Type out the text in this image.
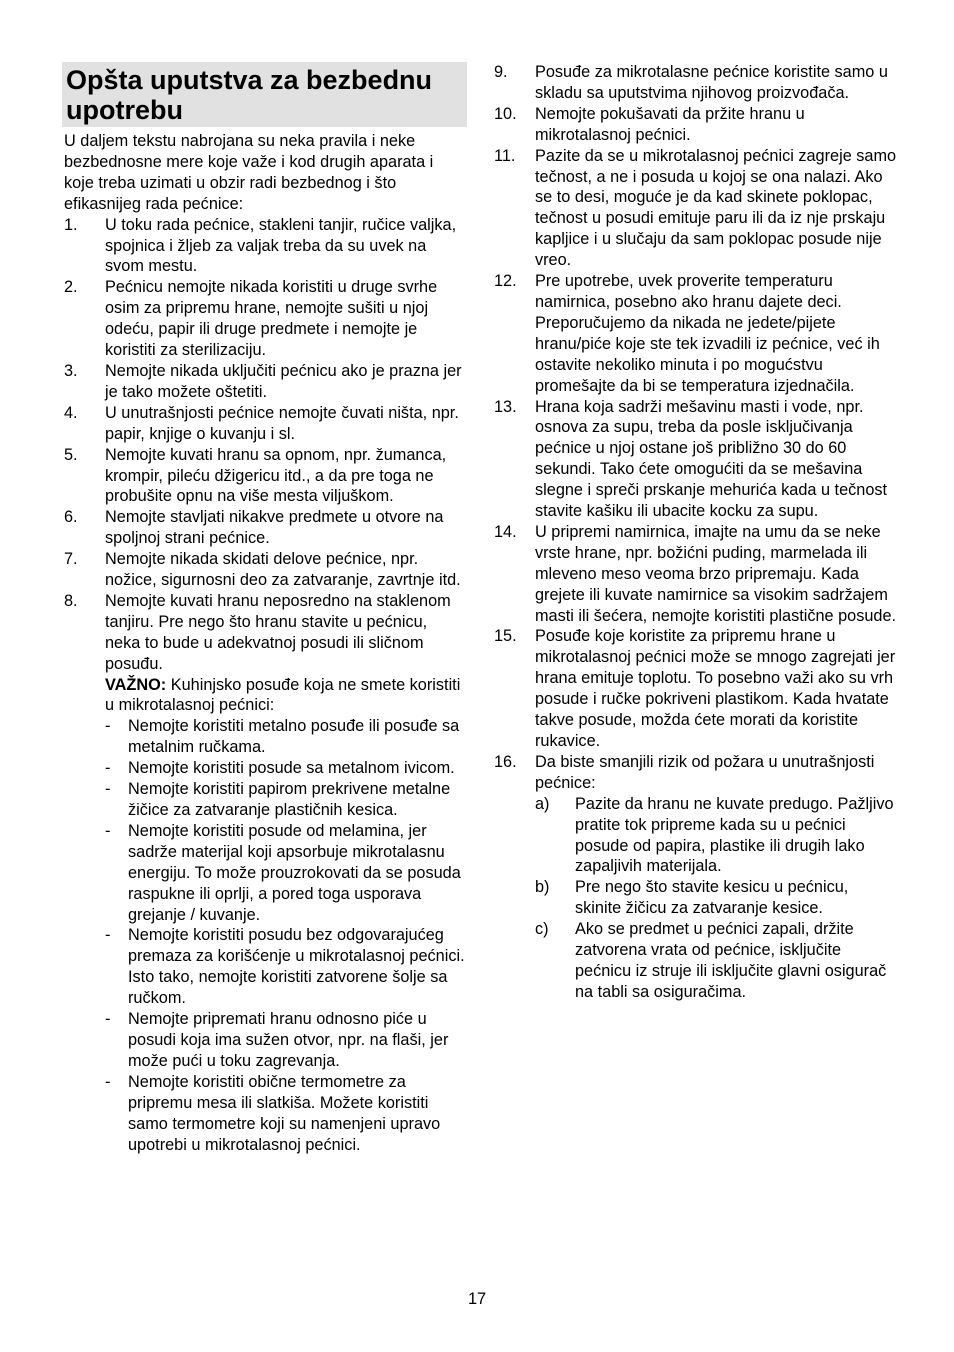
Opšta uputstva za bezbednu upotrebu
U daljem tekstu nabrojana su neka pravila i neke bezbednosne mere koje važe i kod drugih aparata i koje treba uzimati u obzir radi bezbednog i što efikasnijeg rada pećnice:
1.	U toku rada pećnice, stakleni tanjir, ručice valjka, spojnica i žljeb za valjak treba da su uvek na svom mestu.
2.	Pećnicu nemojte nikada koristiti u druge svrhe osim za pripremu hrane, nemojte sušiti u njoj odeću, papir ili druge predmete i nemojte je koristiti za sterilizaciju.
3.	Nemojte nikada uključiti pećnicu ako je prazna jer je tako možete oštetiti.
4.	U unutrašnjosti pećnice nemojte čuvati ništa, npr. papir, knjige o kuvanju i sl.
5.	Nemojte kuvati hranu sa opnom, npr. žumanca, krompir, pileću džigericu itd., a da pre toga ne probušite opnu na više mesta viljuškom.
6.	Nemojte stavljati nikakve predmete u otvore na spoljnoj strani pećnice.
7.	Nemojte nikada skidati delove pećnice, npr. nožice, sigurnosni deo za zatvaranje, zavrtnje itd.
8.	Nemojte kuvati hranu neposredno na staklenom tanjiru. Pre nego što hranu stavite u pećnicu, neka to bude u adekvatnoj posudi ili sličnom posuđu.
VAŽNO: Kuhinjsko posuđe koja ne smete koristiti u mikrotalasnoj pećnici:
-	Nemojte koristiti metalno posuđe ili posuđe sa metalnim ručkama.
-	Nemojte koristiti posude sa metalnom ivicom.
-	Nemojte koristiti papirom prekrivene metalne žičice za zatvaranje plastičnih kesica.
-	Nemojte koristiti posude od melamina, jer sadrže materijal koji apsorbuje mikrotalasnu energiju. To može prouzrokovati da se posuda raspukne ili oprlji, a pored toga usporava grejanje / kuvanje.
-	Nemojte koristiti posudu bez odgovarajućeg premaza za korišćenje u mikrotalasnoj pećnici. Isto tako, nemojte koristiti zatvorene šolje sa ručkom.
-	Nemojte pripremati hranu odnosno piće u posudi koja ima sužen otvor, npr. na flaši, jer može pući u toku zagrevanja.
-	Nemojte koristiti obične termometre za pripremu mesa ili slatkiša. Možete koristiti samo termometre koji su namenjeni upravo upotrebi u mikrotalasnoj pećnici.
9.	Posuđe za mikrotalasne pećnice koristite samo u skladu sa uputstvima njihovog proizvođača.
10.	Nemojte pokušavati da pržite hranu u mikrotalasnoj pećnici.
11.	Pazite da se u mikrotalasnoj pećnici zagreje samo tečnost, a ne i posuda u kojoj se ona nalazi. Ako se to desi, moguće je da kad skinete poklopac, tečnost u posudi emituje paru ili da iz nje prskaju kapljice i u slučaju da sam poklopac posude nije vreo.
12.	Pre upotrebe, uvek proverite temperaturu namirnica, posebno ako hranu dajete deci. Preporučujemo da nikada ne jedete/pijete hranu/piće koje ste tek izvadili iz pećnice, već ih ostavite nekoliko minuta i po mogućstvu promešajte da bi se temperatura izjednačila.
13.	Hrana koja sadrži mešavinu masti i vode, npr. osnova za supu, treba da posle isključivanja pećnice u njoj ostane još približno 30 do 60 sekundi. Tako ćete omogućiti da se mešavina slegne i spreči prskanje mehurića kada u tečnost stavite kašiku ili ubacite kocku za supu.
14.	U pripremi namirnica, imajte na umu da se neke vrste hrane, npr. božićni puding, marmelada ili mleveno meso veoma brzo pripremaju. Kada grejete ili kuvate namirnice sa visokim sadržajem masti ili šećera, nemojte koristiti plastične posude.
15.	Posuđe koje koristite za pripremu hrane u mikrotalasnoj pećnici može se mnogo zagrejati jer hrana emituje toplotu. To posebno važi ako su vrh posude i ručke pokriveni plastikom. Kada hvatate takve posude, možda ćete morati da koristite rukavice.
16.	Da biste smanjili rizik od požara u unutrašnjosti pećnice:
a)	Pazite da hranu ne kuvate predugo. Pažljivo pratite tok pripreme kada su u pećnici posude od papira, plastike ili drugih lako zapaljivih materijala.
b)	Pre nego što stavite kesicu u pećnicu, skinite žičicu za zatvaranje kesice.
c)	Ako se predmet u pećnici zapali, držite zatvorena vrata od pećnice, isključite pećnicu iz struje ili isključite glavni osigurač na tabli sa osiguračima.
17
